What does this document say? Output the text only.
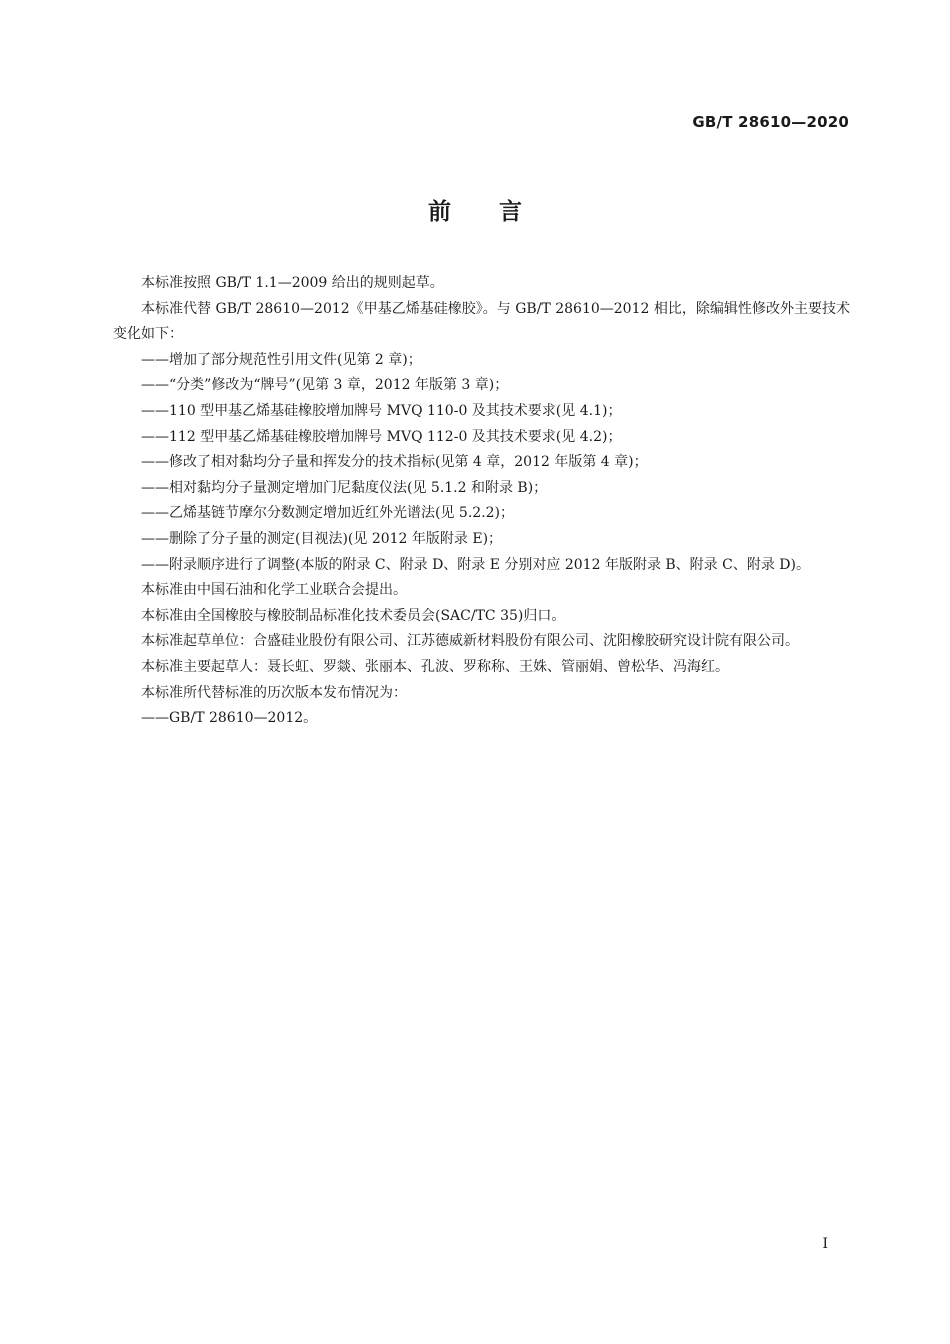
GB/T 28610—2020
前言

本标准按照 GB/T 1.1—2009 给出的规则起草。

本标准代替 GB/T 28610—2012《甲基乙烯基硅橡胶》。与 GB/T 28610—2012 相比，除编辑性修改外主要技术变化如下：

——增加了部分规范性引用文件(见第 2 章)；

——“分类”修改为“牌号”(见第 3 章，2012 年版第 3 章)；

——110 型甲基乙烯基硅橡胶增加牌号 MVQ 110-0 及其技术要求(见 4.1)；

——112 型甲基乙烯基硅橡胶增加牌号 MVQ 112-0 及其技术要求(见 4.2)；

——修改了相对黏均分子量和挥发分的技术指标(见第 4 章，2012 年版第 4 章)；

——相对黏均分子量测定增加门尼黏度仪法(见 5.1.2 和附录 B)；

——乙烯基链节摩尔分数测定增加近红外光谱法(见 5.2.2)；

——删除了分子量的测定(目视法)(见 2012 年版附录 E)；

——附录顺序进行了调整(本版的附录 C、附录 D、附录 E 分别对应 2012 年版附录 B、附录 C、附录 D)。

本标准由中国石油和化学工业联合会提出。

本标准由全国橡胶与橡胶制品标准化技术委员会(SAC/TC 35)归口。

本标准起草单位：合盛硅业股份有限公司、江苏德威新材料股份有限公司、沈阳橡胶研究设计院有限公司。

本标准主要起草人：聂长虹、罗燚、张丽本、孔波、罗称称、王姝、管丽娟、曾松华、冯海红。

本标准所代替标准的历次版本发布情况为：

——GB/T 28610—2012。

I
